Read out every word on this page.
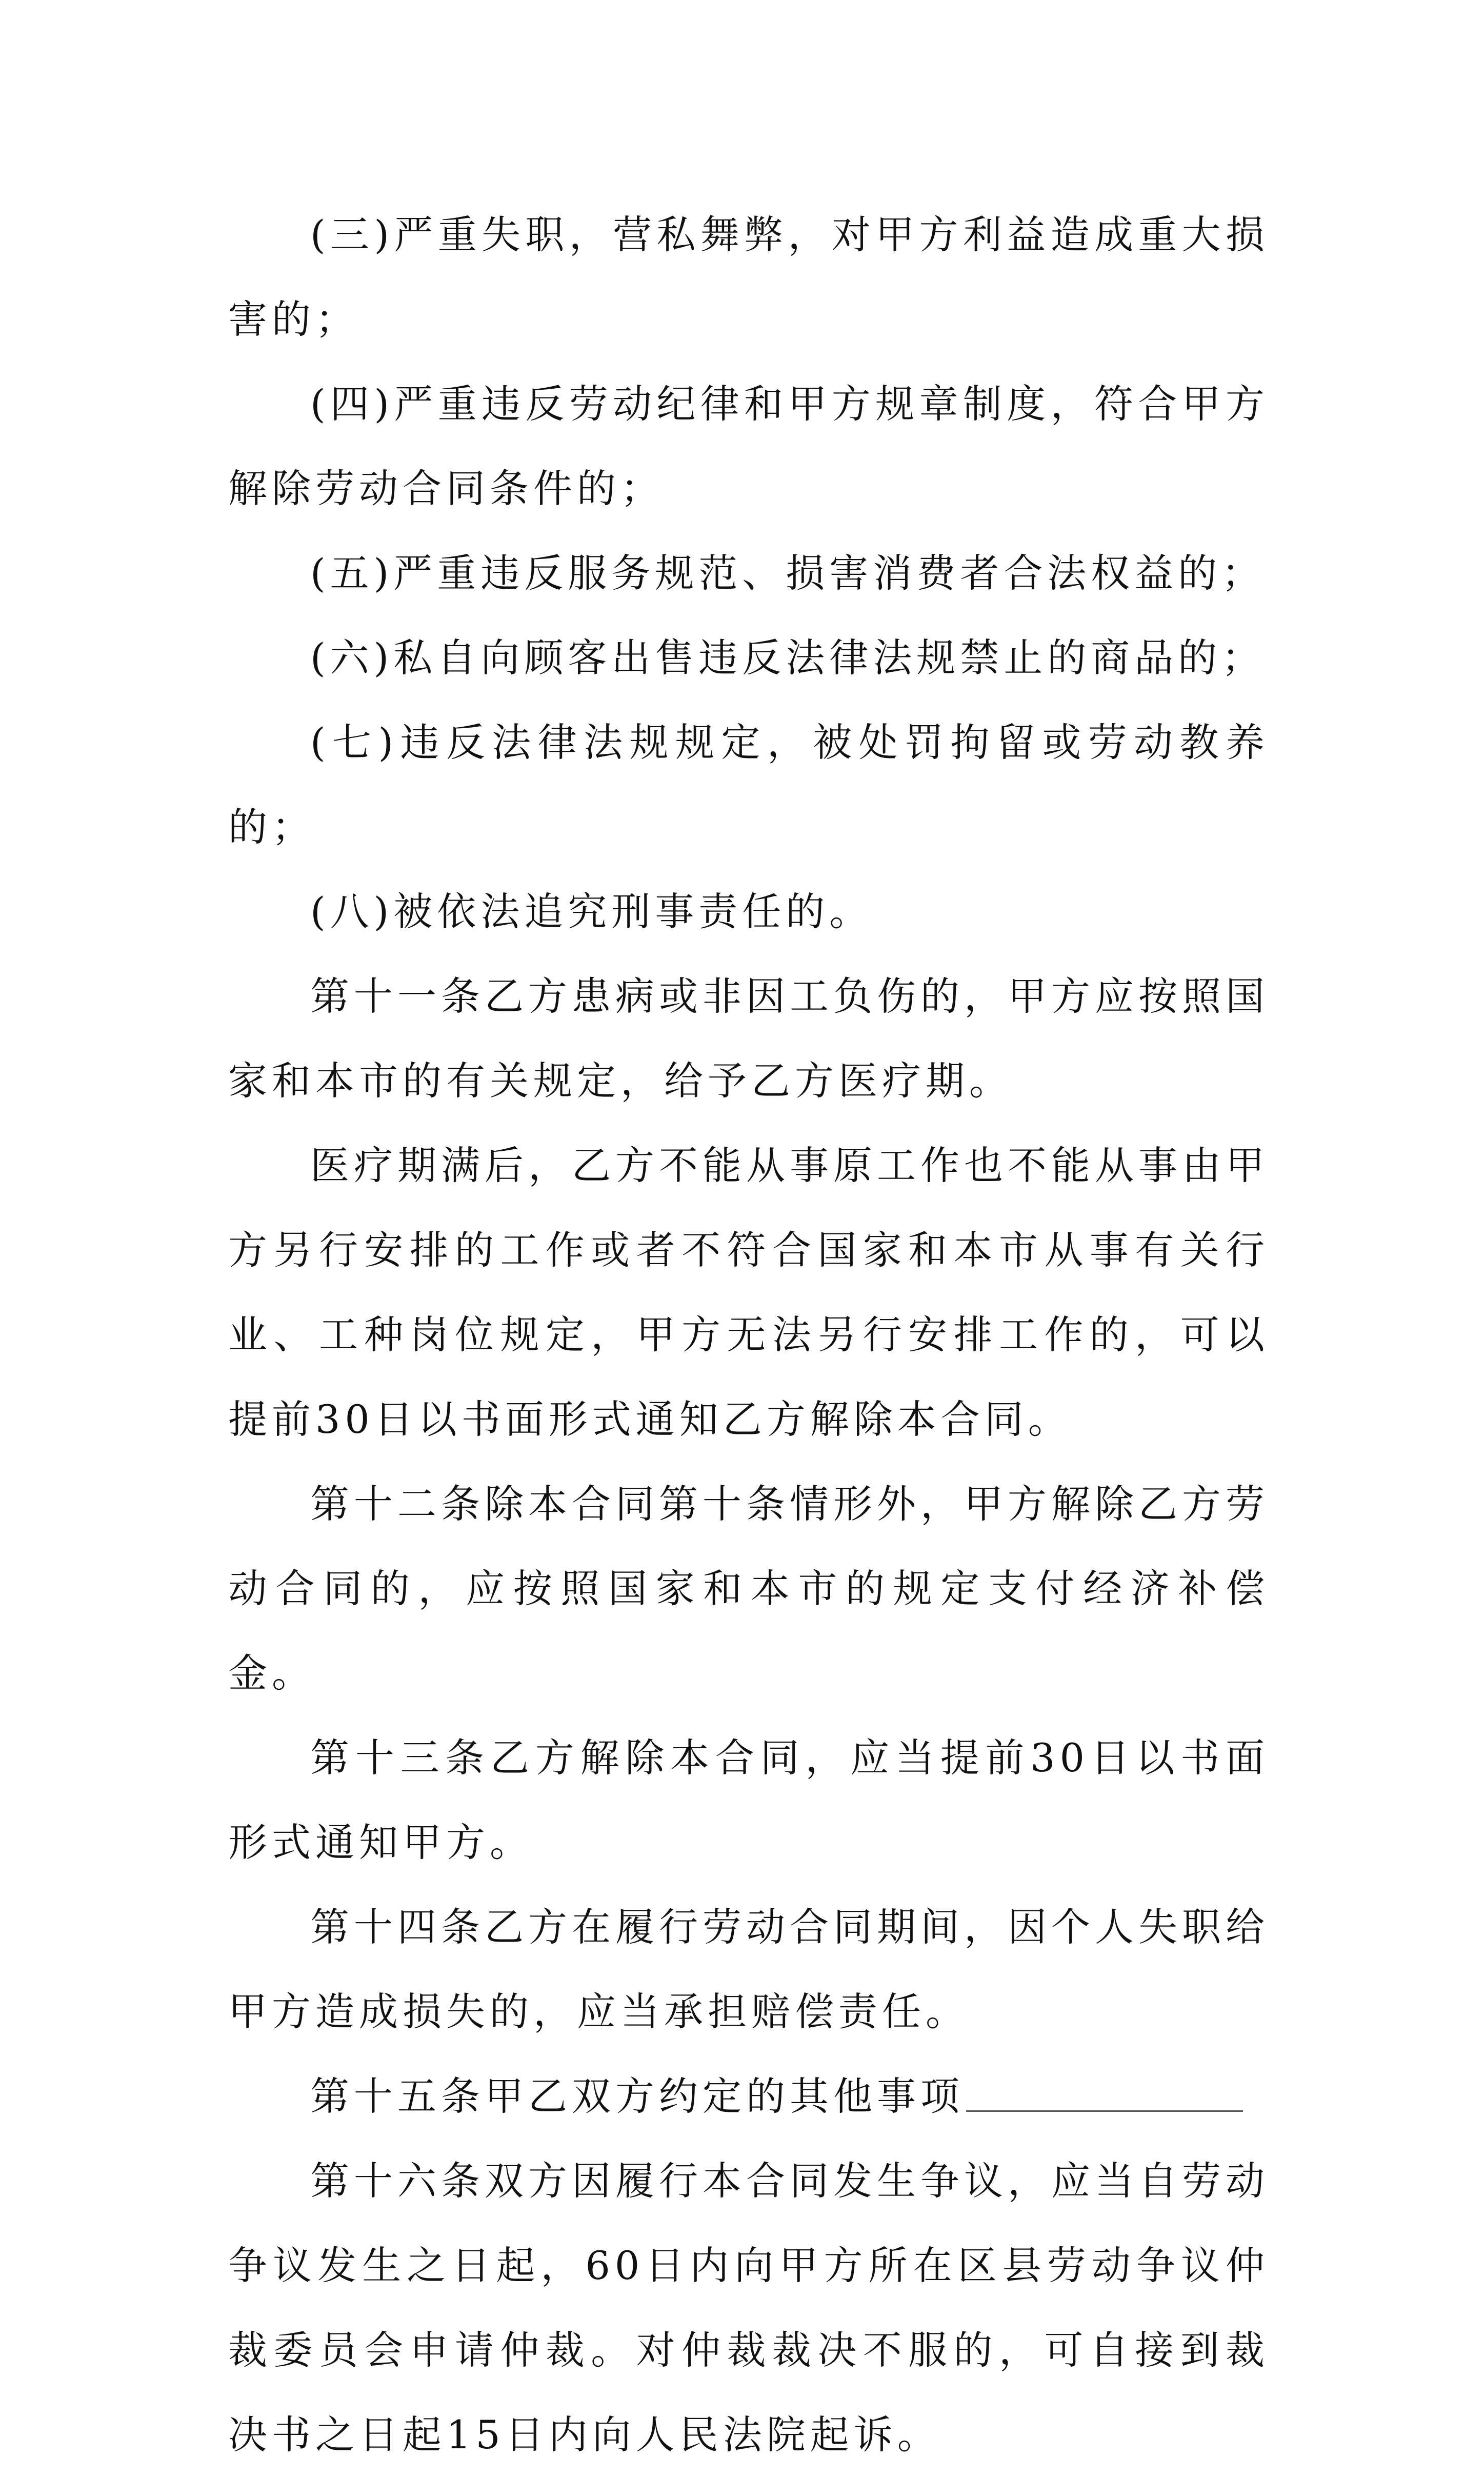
(三)严重失职，营私舞弊，对甲方利益造成重大损害的；

(四)严重违反劳动纪律和甲方规章制度，符合甲方解除劳动合同条件的；

(五)严重违反服务规范、损害消费者合法权益的；

(六)私自向顾客出售违反法律法规禁止的商品的；

(七)违反法律法规规定，被处罚拘留或劳动教养的；

(八)被依法追究刑事责任的。

第十一条乙方患病或非因工负伤的，甲方应按照国家和本市的有关规定，给予乙方医疗期。

医疗期满后，乙方不能从事原工作也不能从事由甲方另行安排的工作或者不符合国家和本市从事有关行业、工种岗位规定，甲方无法另行安排工作的，可以提前30日以书面形式通知乙方解除本合同。

第十二条除本合同第十条情形外，甲方解除乙方劳动合同的，应按照国家和本市的规定支付经济补偿金。

第十三条乙方解除本合同，应当提前30日以书面形式通知甲方。

第十四条乙方在履行劳动合同期间，因个人失职给甲方造成损失的，应当承担赔偿责任。

第十五条甲乙双方约定的其他事项

第十六条双方因履行本合同发生争议，应当自劳动争议发生之日起，60日内向甲方所在区县劳动争议仲裁委员会申请仲裁。对仲裁裁决不服的，可自接到裁决书之日起15日内向人民法院起诉。
